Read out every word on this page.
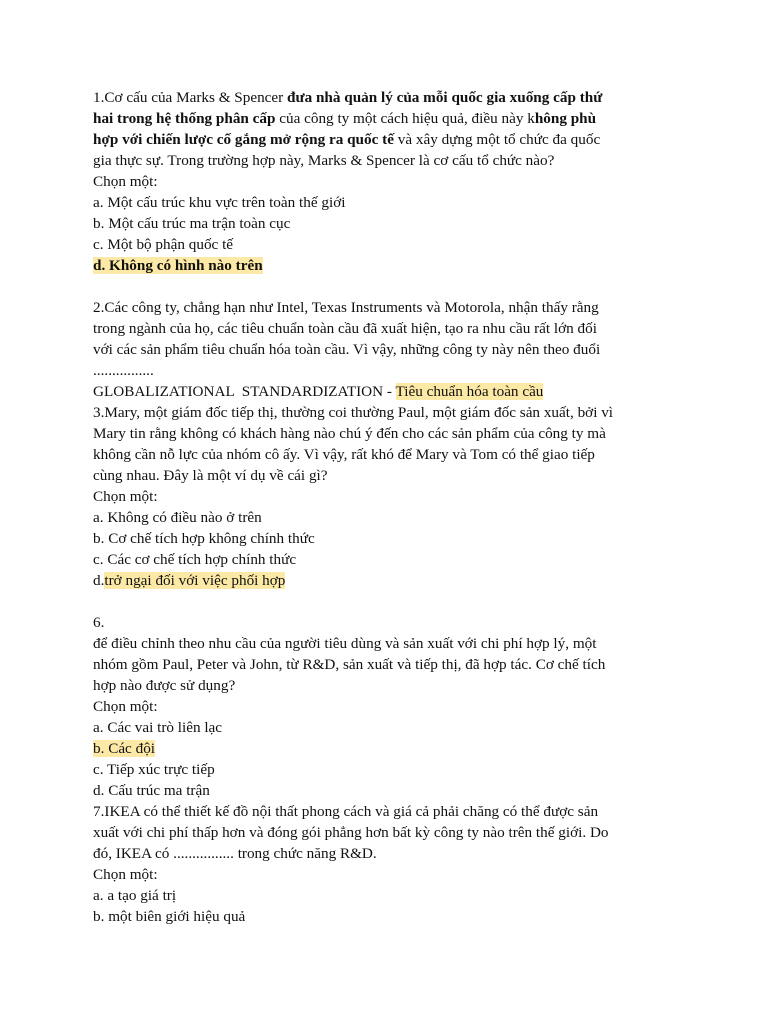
1.Cơ cấu của Marks & Spencer đưa nhà quản lý của mỗi quốc gia xuống cấp thứ
hai trong hệ thống phân cấp của công ty một cách hiệu quả, điều này không phù
hợp với chiến lược cố gắng mở rộng ra quốc tế và xây dựng một tổ chức đa quốc
gia thực sự. Trong trường hợp này, Marks & Spencer là cơ cấu tổ chức nào?
Chọn một:
a. Một cấu trúc khu vực trên toàn thế giới
b. Một cấu trúc ma trận toàn cục
c. Một bộ phận quốc tế
d. Không có hình nào trên
2.Các công ty, chẳng hạn như Intel, Texas Instruments và Motorola, nhận thấy rằng
trong ngành của họ, các tiêu chuẩn toàn cầu đã xuất hiện, tạo ra nhu cầu rất lớn đối
với các sản phẩm tiêu chuẩn hóa toàn cầu. Vì vậy, những công ty này nên theo đuổi
................
GLOBALIZATIONAL  STANDARDIZATION - Tiêu chuẩn hóa toàn cầu
3.Mary, một giám đốc tiếp thị, thường coi thường Paul, một giám đốc sản xuất, bởi vì
Mary tin rằng không có khách hàng nào chú ý đến cho các sản phẩm của công ty mà
không cần nỗ lực của nhóm cô ấy. Vì vậy, rất khó để Mary và Tom có thể giao tiếp
cùng nhau. Đây là một ví dụ về cái gì?
Chọn một:
a. Không có điều nào ở trên
b. Cơ chế tích hợp không chính thức
c. Các cơ chế tích hợp chính thức
d.trở ngại đối với việc phối hợp
6.
để điều chỉnh theo nhu cầu của người tiêu dùng và sản xuất với chi phí hợp lý, một
nhóm gồm Paul, Peter và John, từ R&D, sản xuất và tiếp thị, đã hợp tác. Cơ chế tích
hợp nào được sử dụng?
Chọn một:
a. Các vai trò liên lạc
b. Các đội
c. Tiếp xúc trực tiếp
d. Cấu trúc ma trận
7.IKEA có thể thiết kế đồ nội thất phong cách và giá cả phải chăng có thể được sản
xuất với chi phí thấp hơn và đóng gói phẳng hơn bất kỳ công ty nào trên thế giới. Do
đó, IKEA có ................ trong chức năng R&D.
Chọn một:
a. a tạo giá trị
b. một biên giới hiệu quả
